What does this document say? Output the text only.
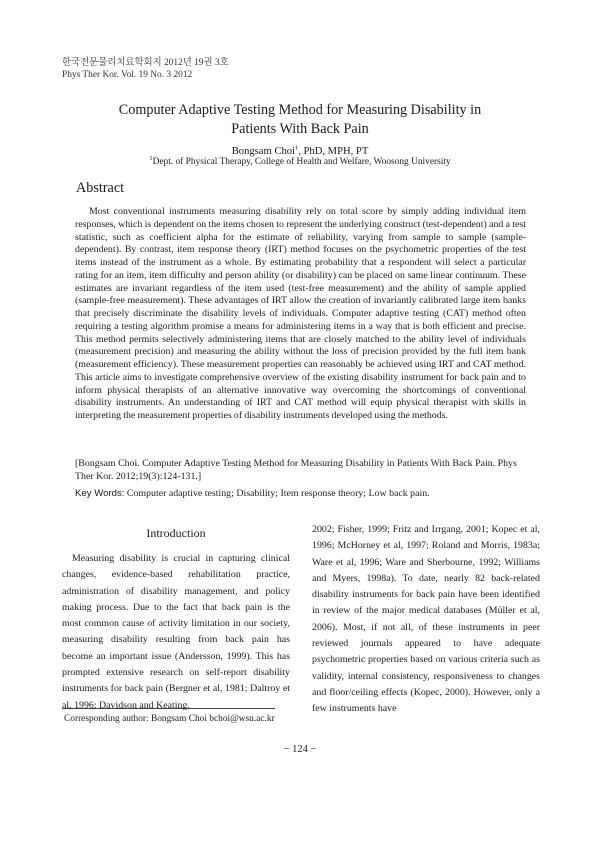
한국전문물리치료학회지 2012년 19권 3호
Phys Ther Kor. Vol. 19 No. 3 2012
Computer Adaptive Testing Method for Measuring Disability in
Patients With Back Pain
Bongsam Choi$^1$, PhD, MPH, PT
$^1$Dept. of Physical Therapy, College of Health and Welfare, Woosong University
Abstract

Most conventional instruments measuring disability rely on total score by simply adding individual item responses, which is dependent on the items chosen to represent the underlying construct (test-dependent) and a test statistic, such as coefficient alpha for the estimate of reliability, varying from sample to sample (sample-dependent). By contrast, item response theory (IRT) method focuses on the psychometric properties of the test items instead of the instrument as a whole. By estimating probability that a respondent will select a particular rating for an item, item difficulty and person ability (or disability) can be placed on same linear continuum. These estimates are invariant regardless of the item used (test-free measurement) and the ability of sample applied (sample-free measurement). These advantages of IRT allow the creation of invariantly calibrated large item banks that precisely discriminate the disability levels of individuals. Computer adaptive testing (CAT) method often requiring a testing algorithm promise a means for administering items in a way that is both efficient and precise. This method permits selectively administering items that are closely matched to the ability level of individuals (measurement precision) and measuring the ability without the loss of precision provided by the full item bank (measurement efficiency). These measurement properties can reasonably be achieved using IRT and CAT method. This article aims to investigate comprehensive overview of the existing disability instrument for back pain and to inform physical therapists of an alternative innovative way overcoming the shortcomings of conventional disability instruments. An understanding of IRT and CAT method will equip physical therapist with skills in interpreting the measurement properties of disability instruments developed using the methods.

[Bongsam Choi. Computer Adaptive Testing Method for Measuring Disability in Patients With Back Pain. Phys Ther Kor. 2012;19(3):124-131.]

Key Words: Computer adaptive testing; Disability; Item response theory; Low back pain.
Introduction

Measuring disability is crucial in capturing clinical changes, evidence-based rehabilitation practice, administration of disability management, and policy making process. Due to the fact that back pain is the most common cause of activity limitation in our society, measuring disability resulting from back pain has become an important issue (Andersson, 1999). This has prompted extensive research on self-report disability instruments for back pain (Bergner et al, 1981; Daltroy et al, 1996; Davidson and Keating,

2002; Fisher, 1999; Fritz and Irrgang, 2001; Kopec et al, 1996; McHorney et al, 1997; Roland and Morris, 1983a; Ware et al, 1996; Ware and Sherbourne, 1992; Williams and Myers, 1998a). To date, nearly 82 back-related disability instruments for back pain have been identified in review of the major medical databases (Müller et al, 2006). Most, if not all, of these instruments in peer reviewed journals appeared to have adequate psychometric properties based on various criteria such as validity, internal consistency, responsiveness to changes and floor/ceiling effects (Kopec, 2000). However, only a few instruments have

Corresponding author: Bongsam Choi bchoi@wsu.ac.kr
− 124 −
